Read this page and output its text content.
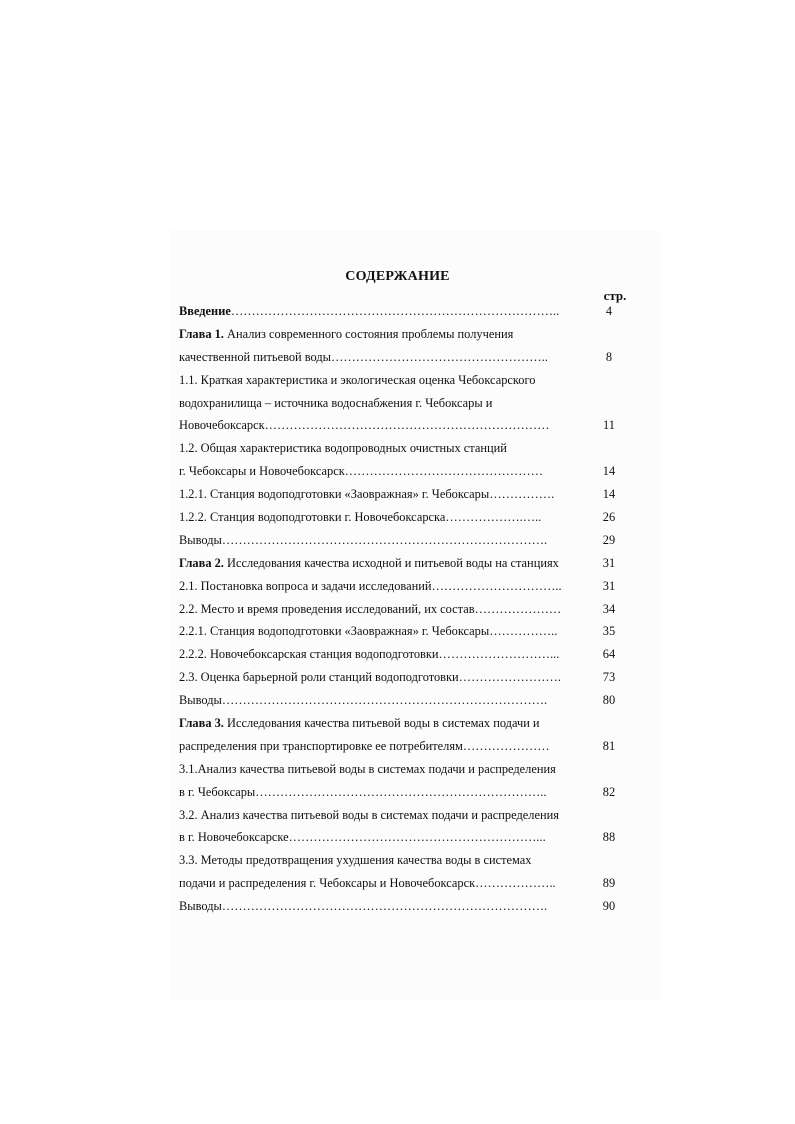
СОДЕРЖАНИЕ
стр.
Введение……………………………………………………………………..	4
Глава 1. Анализ современного состояния проблемы получения
качественной питьевой воды……………………………………………..	8
1.1. Краткая характеристика и экологическая оценка Чебоксарского
водохранилища – источника водоснабжения г. Чебоксары и
Новочебоксарск……………………………………………………………	11
1.2. Общая характеристика водопроводных очистных станций
г. Чебоксары и Новочебоксарск…………………………………………	14
1.2.1. Станция водоподготовки «Заовражная» г. Чебоксары…………….	14
1.2.2. Станция водоподготовки г. Новочебоксарска……………….…..	26
Выводы…………………………………………………………………….	29
Глава 2. Исследования качества исходной и питьевой воды на станциях	31
2.1. Постановка вопроса и задачи исследований…………………………..	31
2.2. Место и время проведения исследований, их состав…………………	34
2.2.1. Станция водоподготовки «Заовражная» г. Чебоксары……………..	35
2.2.2. Новочебоксарская станция водоподготовки………………………...	64
2.3. Оценка барьерной роли станций водоподготовки…………………….	73
Выводы…………………………………………………………………….	80
Глава 3. Исследования качества питьевой воды в системах подачи и
распределения при транспортировке ее потребителям…………………	81
3.1.Анализ качества питьевой воды в системах подачи и распределения
в г. Чебоксары……………………………………………………………..	82
3.2. Анализ качества питьевой воды в системах подачи и распределения
в г. Новочебоксарске……………………………………………………...	88
3.3. Методы предотвращения ухудшения качества воды в системах
подачи и распределения г. Чебоксары и Новочебоксарск………………..	89
Выводы…………………………………………………………………….	90
